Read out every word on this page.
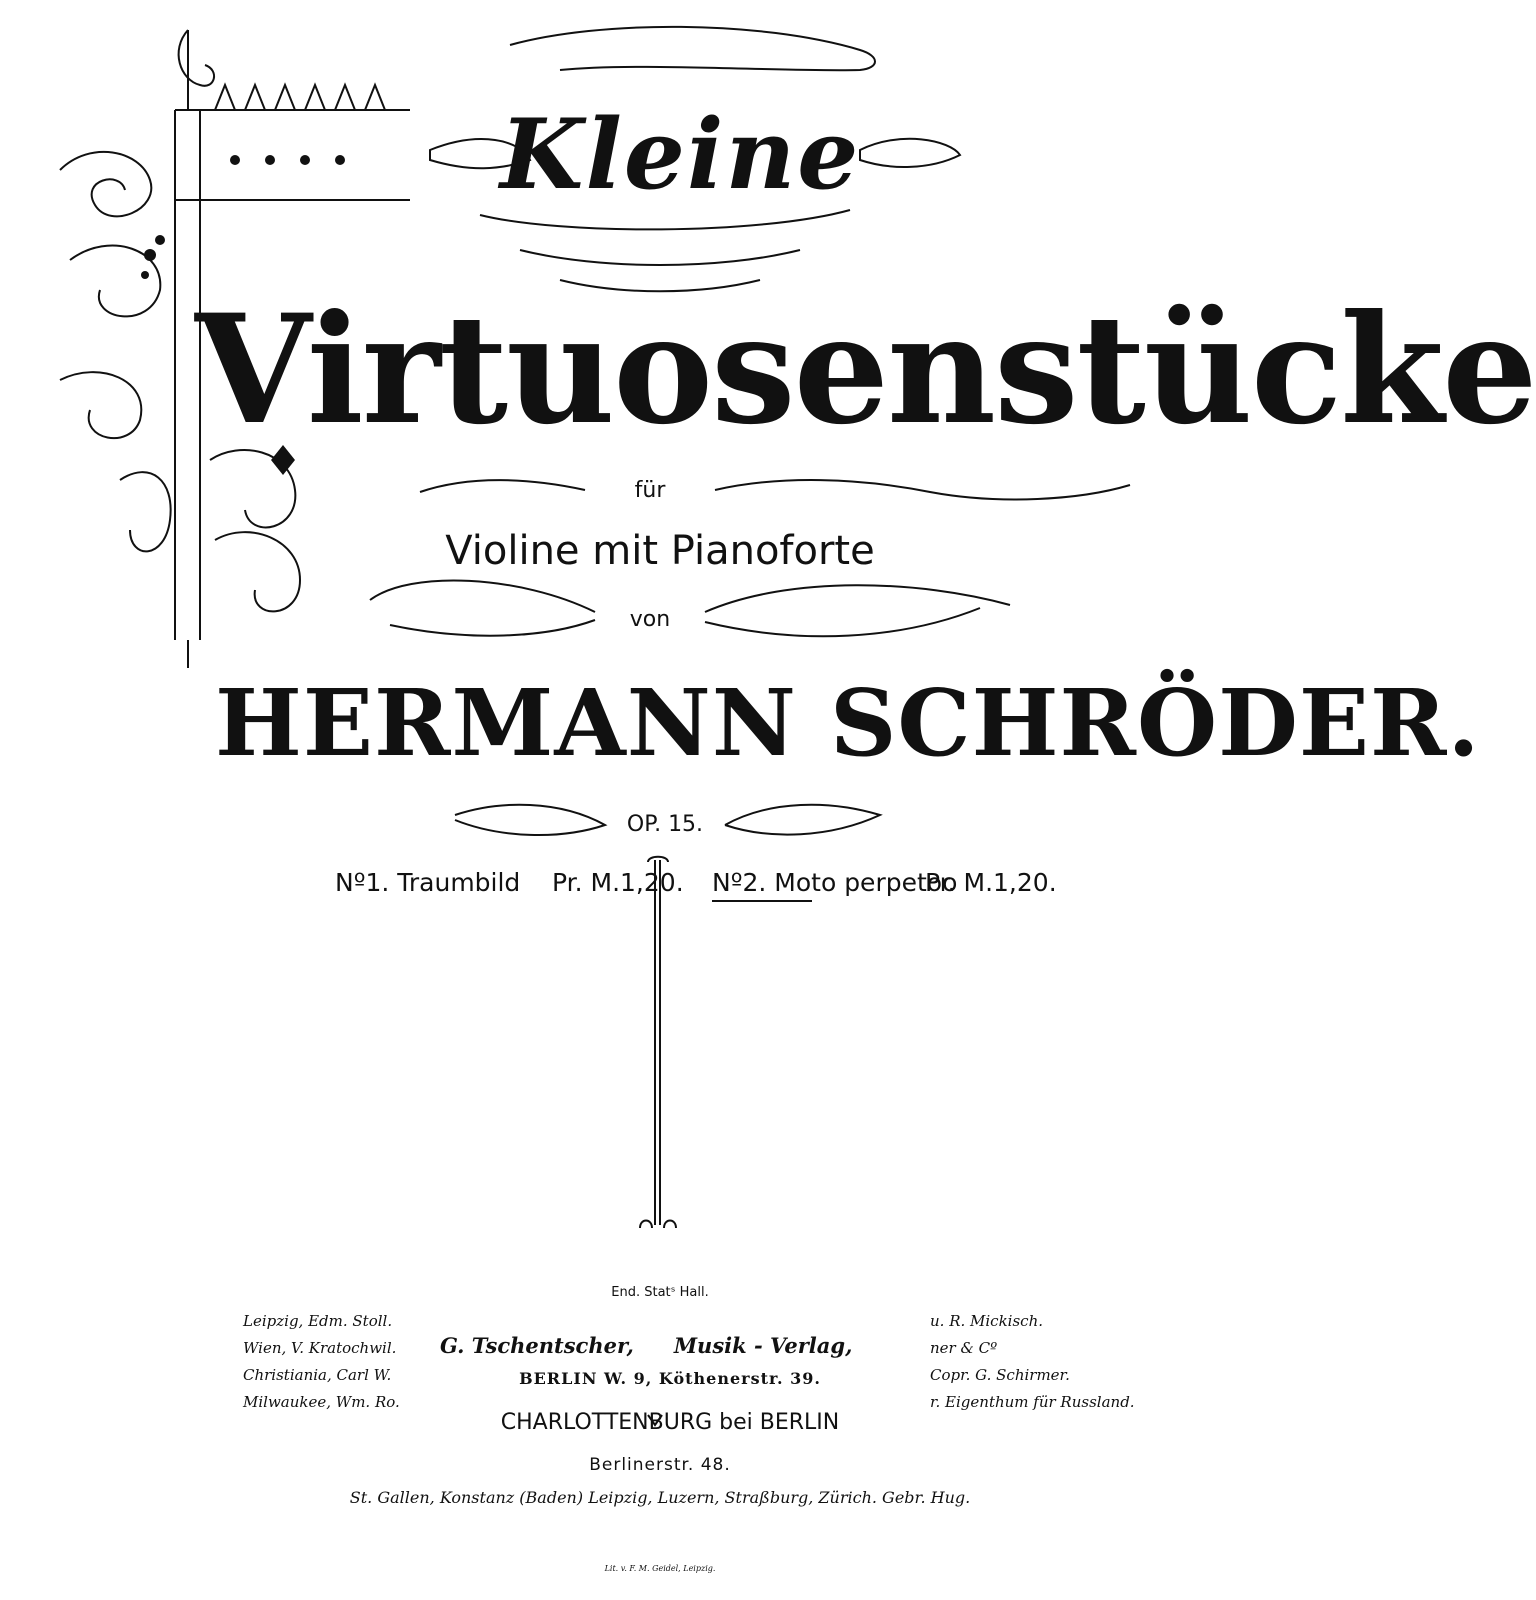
Kleine
Virtuosenstücke
für
Violine mit Pianoforte
von
HERMANN SCHRÖDER.
OP. 15.
Nº1. Traumbild Pr. M.1,20. Nº2. Moto perpetoo
Pr. M.1,20.
End. Statˢ Hall.
Leipzig, Edm. Stoll.
Wien, V. Kratochwil.
Christiania, Carl W.
Milwaukee, Wm. Ro.
u. R. Mickisch.
ner & Cº
Copr. G. Schirmer.
r. Eigenthum für Russland.
G. Tschentscher, Musik - Verlag,
BERLIN W. 9, Köthenerstr. 39.
CHARLOTTENBURG bei BERLIN
Berlinerstr. 48.
St. Gallen, Konstanz (Baden) Leipzig, Luzern, Straßburg, Zürich. Gebr. Hug.
Lit. v. F. M. Geidel, Leipzig.
